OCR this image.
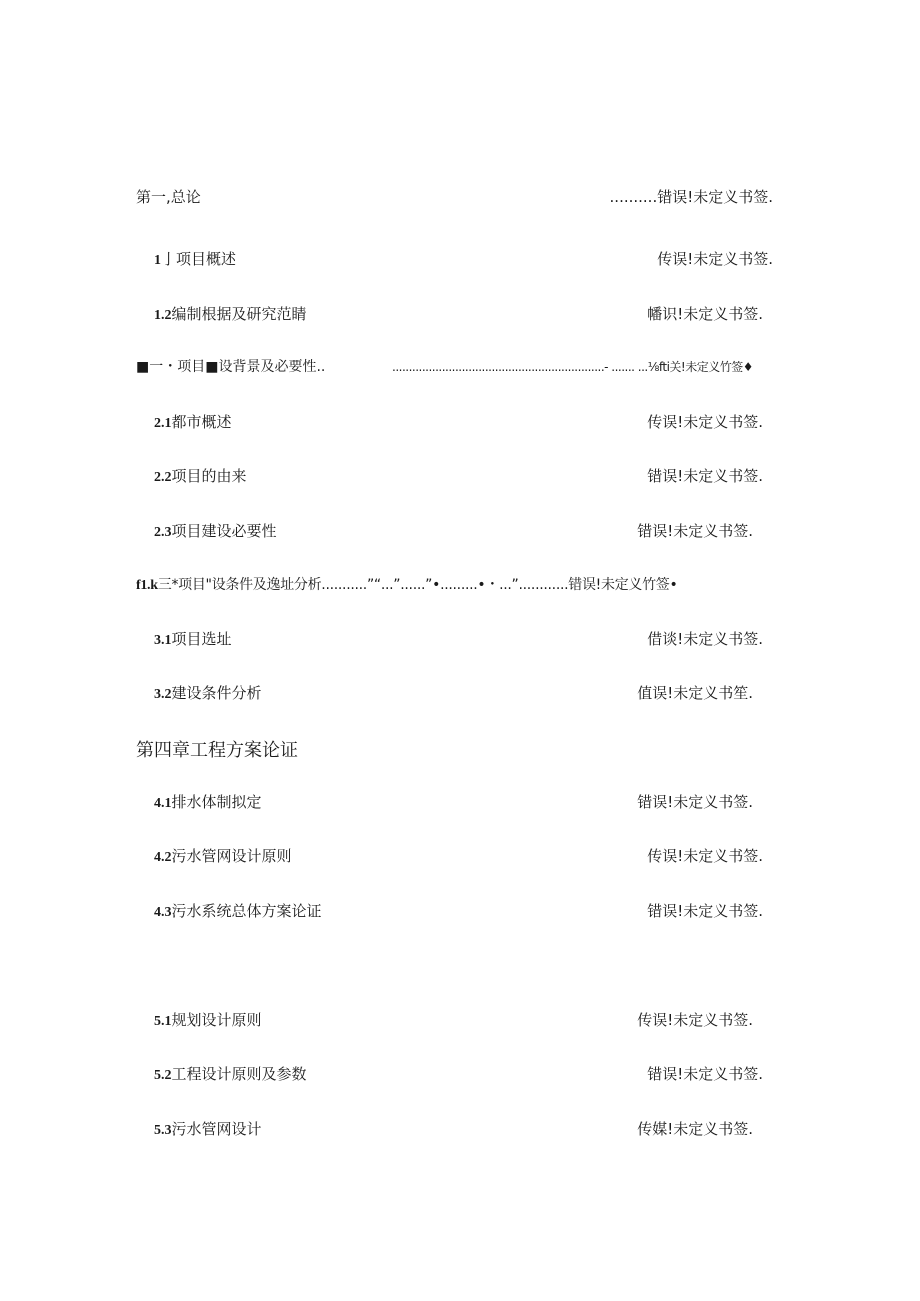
第一,总论	..........错误!未定义书签.
1亅项目概述	传误!未定义书签.
1.2编制根据及研究范睛	幡识!未定义书签.
■一・项目■设背景及必要性..	................................................................- ....... ...⅛fti关!未定义竹签♦
2.1都市概述	传误!未定义书签.
2.2项目的由来	错误!未定义书签.
2.3项目建设必要性	错误!未定义书签.
f1.k三*项目"设条件及逸址分析...........”“...”......”•.........•・...”............错误!未定义竹签•
3.1项目选址	借谈!未定义书签.
3.2建设条件分析	值误!未定义书笙.
第四章工程方案论证
4.1排水体制拟定	错误!未定义书签.
4.2污水管网设计原则	传误!未定义书签.
4.3污水系统总体方案论证	错误!未定义书签.
5.1规划设计原则	传误!未定义书签.
5.2工程设计原则及参数	错误!未定义书签.
5.3污水管网设计	传媒!未定义书签.
